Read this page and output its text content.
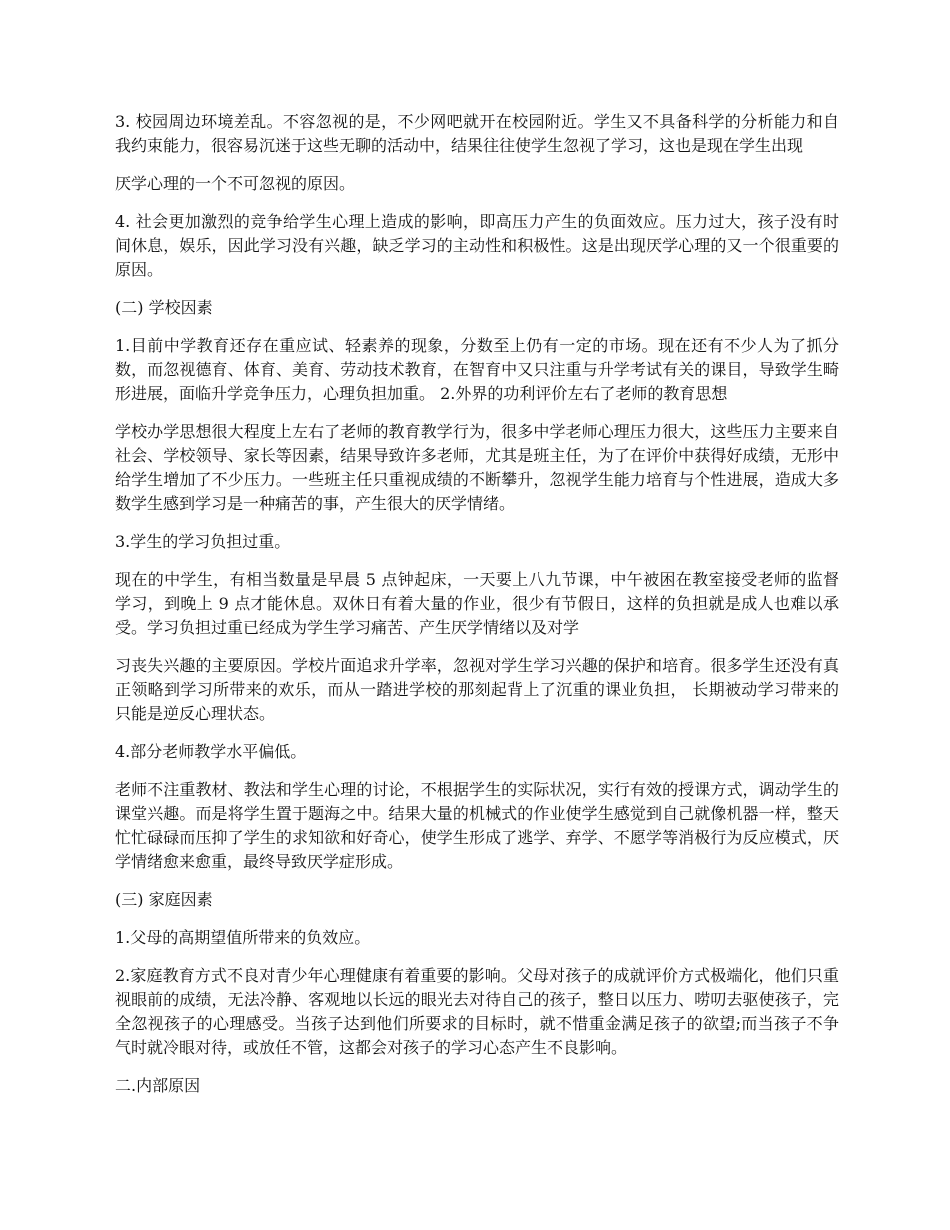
3. 校园周边环境差乱。不容忽视的是，不少网吧就开在校园附近。学生又不具备科学的分析能力和自我约束能力，很容易沉迷于这些无聊的活动中，结果往往使学生忽视了学习，这也是现在学生出现

厌学心理的一个不可忽视的原因。

4. 社会更加激烈的竞争给学生心理上造成的影响，即高压力产生的负面效应。压力过大，孩子没有时间休息，娱乐，因此学习没有兴趣，缺乏学习的主动性和积极性。这是出现厌学心理的又一个很重要的原因。

(二) 学校因素

1.目前中学教育还存在重应试、轻素养的现象，分数至上仍有一定的市场。现在还有不少人为了抓分数，而忽视德育、体育、美育、劳动技术教育，在智育中又只注重与升学考试有关的课目，导致学生畸形进展，面临升学竞争压力，心理负担加重。 2.外界的功利评价左右了老师的教育思想

学校办学思想很大程度上左右了老师的教育教学行为，很多中学老师心理压力很大，这些压力主要来自社会、学校领导、家长等因素，结果导致许多老师，尤其是班主任，为了在评价中获得好成绩，无形中给学生增加了不少压力。一些班主任只重视成绩的不断攀升，忽视学生能力培育与个性进展，造成大多数学生感到学习是一种痛苦的事，产生很大的厌学情绪。

3.学生的学习负担过重。

现在的中学生，有相当数量是早晨 5 点钟起床，一天要上八九节课，中午被困在教室接受老师的监督学习，到晚上 9 点才能休息。双休日有着大量的作业，很少有节假日，这样的负担就是成人也难以承受。学习负担过重已经成为学生学习痛苦、产生厌学情绪以及对学

习丧失兴趣的主要原因。学校片面追求升学率，忽视对学生学习兴趣的保护和培育。很多学生还没有真正领略到学习所带来的欢乐，而从一踏进学校的那刻起背上了沉重的课业负担， 长期被动学习带来的只能是逆反心理状态。

4.部分老师教学水平偏低。

老师不注重教材、教法和学生心理的讨论，不根据学生的实际状况，实行有效的授课方式，调动学生的课堂兴趣。而是将学生置于题海之中。结果大量的机械式的作业使学生感觉到自己就像机器一样，整天忙忙碌碌而压抑了学生的求知欲和好奇心，使学生形成了逃学、弃学、不愿学等消极行为反应模式，厌学情绪愈来愈重，最终导致厌学症形成。

(三) 家庭因素

1.父母的高期望值所带来的负效应。

2.家庭教育方式不良对青少年心理健康有着重要的影响。父母对孩子的成就评价方式极端化，他们只重视眼前的成绩，无法冷静、客观地以长远的眼光去对待自己的孩子，整日以压力、唠叨去驱使孩子，完全忽视孩子的心理感受。当孩子达到他们所要求的目标时，就不惜重金满足孩子的欲望;而当孩子不争气时就冷眼对待，或放任不管，这都会对孩子的学习心态产生不良影响。

二.内部原因
